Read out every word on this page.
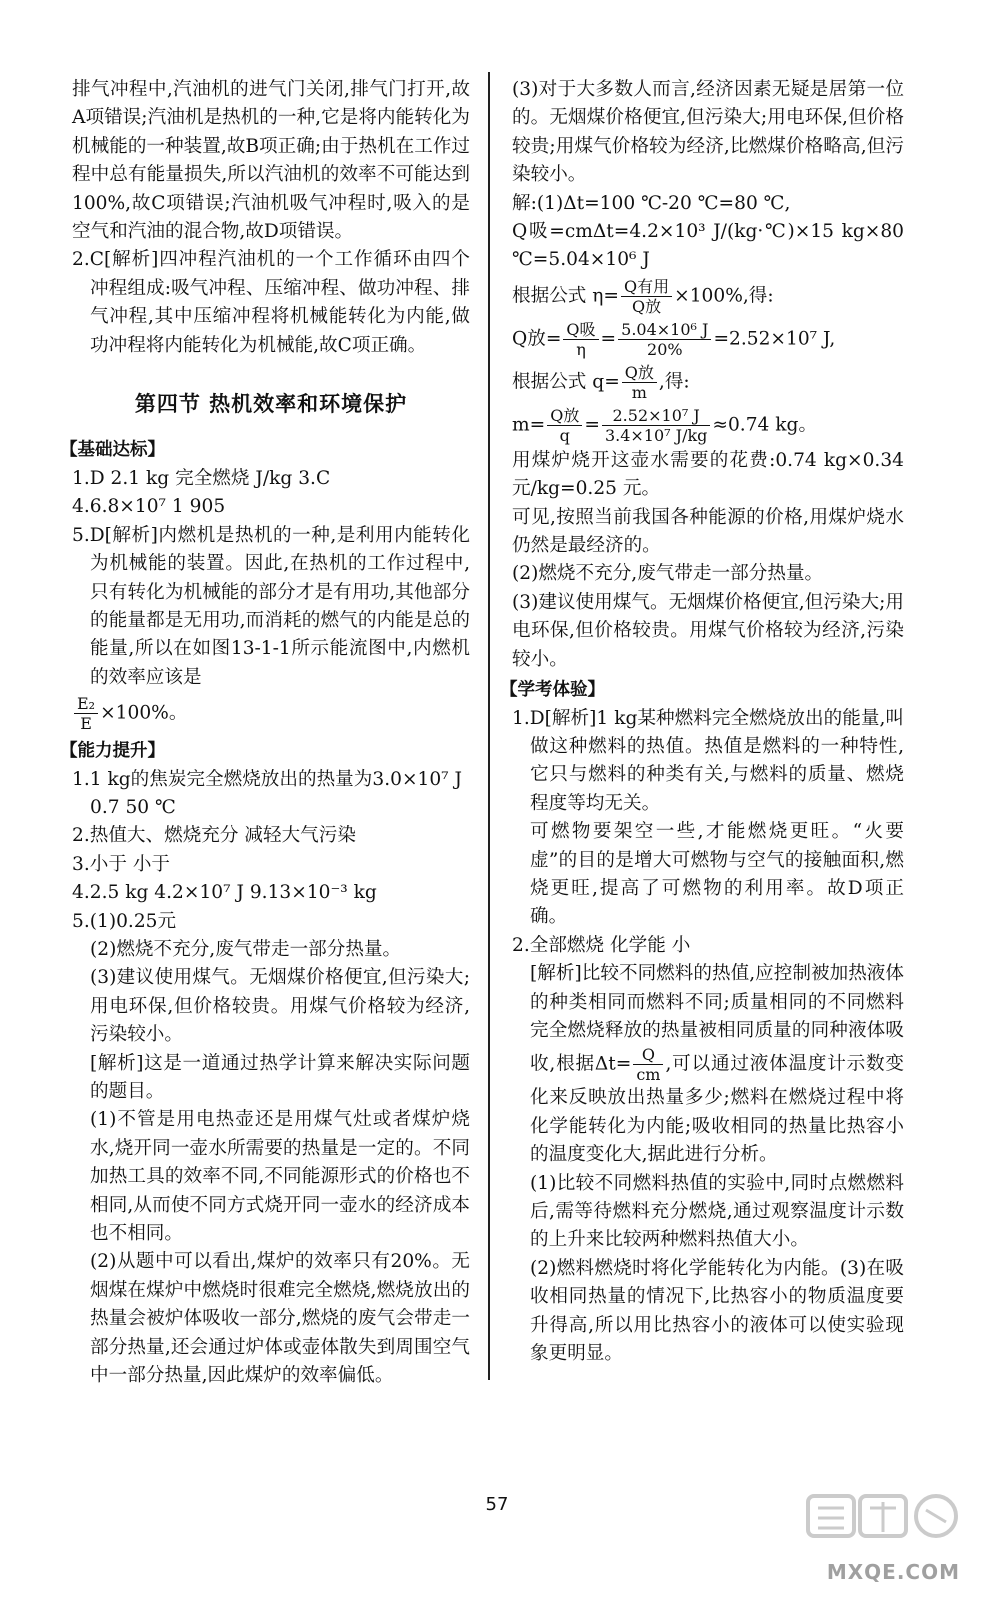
排气冲程中,汽油机的进气门关闭,排气门打开,故A项错误;汽油机是热机的一种,它是将内能转化为机械能的一种装置,故B项正确;由于热机在工作过程中总有能量损失,所以汽油机的效率不可能达到100%,故C项错误;汽油机吸气冲程时,吸入的是空气和汽油的混合物,故D项错误。

2.C[解析]四冲程汽油机的一个工作循环由四个冲程组成:吸气冲程、压缩冲程、做功冲程、排气冲程,其中压缩冲程将机械能转化为内能,做功冲程将内能转化为机械能,故C项正确。

第四节 热机效率和环境保护
【基础达标】

1.D 2.1 kg 完全燃烧 J/kg 3.C

4.6.8×10⁷ 1 905

5.D[解析]内燃机是热机的一种,是利用内能转化为机械能的装置。因此,在热机的工作过程中,只有转化为机械能的部分才是有用功,其他部分的能量都是无用功,而消耗的燃气的内能是总的能量,所以在如图13-1-1所示能流图中,内燃机的效率应该是

$\frac{\text{E₂}}{E} \times 100\%$。

【能力提升】

1.1 kg的焦炭完全燃烧放出的热量为3.0×10⁷ J

0.7 50 ℃

2.热值大、燃烧充分 减轻大气污染

3.小于 小于

4.2.5 kg 4.2×10⁷ J 9.13×10⁻³ kg

5.(1)0.25元

(2)燃烧不充分,废气带走一部分热量。

(3)建议使用煤气。无烟煤价格便宜,但污染大;用电环保,但价格较贵。用煤气价格较为经济,污染较小。

[解析]这是一道通过热学计算来解决实际问题的题目。

(1)不管是用电热壶还是用煤气灶或者煤炉烧水,烧开同一壶水所需要的热量是一定的。不同加热工具的效率不同,不同能源形式的价格也不相同,从而使不同方式烧开同一壶水的经济成本也不相同。

(2)从题中可以看出,煤炉的效率只有20%。无烟煤在煤炉中燃烧时很难完全燃烧,燃烧放出的热量会被炉体吸收一部分,燃烧的废气会带走一部分热量,还会通过炉体或壶体散失到周围空气中一部分热量,因此煤炉的效率偏低。

(3)对于大多数人而言,经济因素无疑是居第一位的。无烟煤价格便宜,但污染大;用电环保,但价格较贵;用煤气价格较为经济,比燃煤价格略高,但污染较小。

解:(1)Δt=100 ℃-20 ℃=80 ℃,

Q吸=cmΔt=4.2×10³ J/(kg·℃)×15 kg×80 ℃=5.04×10⁶ J

根据公式 $\eta= \frac{\text{Q有用}}{\text{Q放}} \times 100\%$,得:

Q放= $\frac{\text{Q吸}}{\eta} = \frac{\text{5.04×10⁶ J}}{20\%} =2.52\times 10^7$ J,

根据公式 $q= \frac{\text{Q放}}{m}$ ,得:

$m= \frac{\text{Q放}}{q} = \frac{\text{2.52×10⁷ J}}{\text{3.4×10⁷ J/kg}} \approx 0.74$ kg。

用煤炉烧开这壶水需要的花费:0.74 kg×0.34 元/kg=0.25 元。

可见,按照当前我国各种能源的价格,用煤炉烧水仍然是最经济的。

(2)燃烧不充分,废气带走一部分热量。

(3)建议使用煤气。无烟煤价格便宜,但污染大;用电环保,但价格较贵。用煤气价格较为经济,污染较小。

【学考体验】

1.D[解析]1 kg某种燃料完全燃烧放出的能量,叫做这种燃料的热值。热值是燃料的一种特性,它只与燃料的种类有关,与燃料的质量、燃烧程度等均无关。

可燃物要架空一些,才能燃烧更旺。“火要虚”的目的是增大可燃物与空气的接触面积,燃烧更旺,提高了可燃物的利用率。故D项正确。

2.全部燃烧 化学能 小

[解析]比较不同燃料的热值,应控制被加热液体的种类相同而燃料不同;质量相同的不同燃料完全燃烧释放的热量被相同质量的同种液体吸收,根据$\Delta t= \frac{Q}{cm}$ ,可以通过液体温度计示数变化来反映放出热量多少;燃料在燃烧过程中将化学能转化为内能;吸收相同的热量比热容小的温度变化大,据此进行分析。

(1)比较不同燃料热值的实验中,同时点燃燃料后,需等待燃料充分燃烧,通过观察温度计示数的上升来比较两种燃料热值大小。

(2)燃料燃烧时将化学能转化为内能。(3)在吸收相同热量的情况下,比热容小的物质温度要升得高,所以用比热容小的液体可以使实验现象更明显。

57
MXQE.COM
